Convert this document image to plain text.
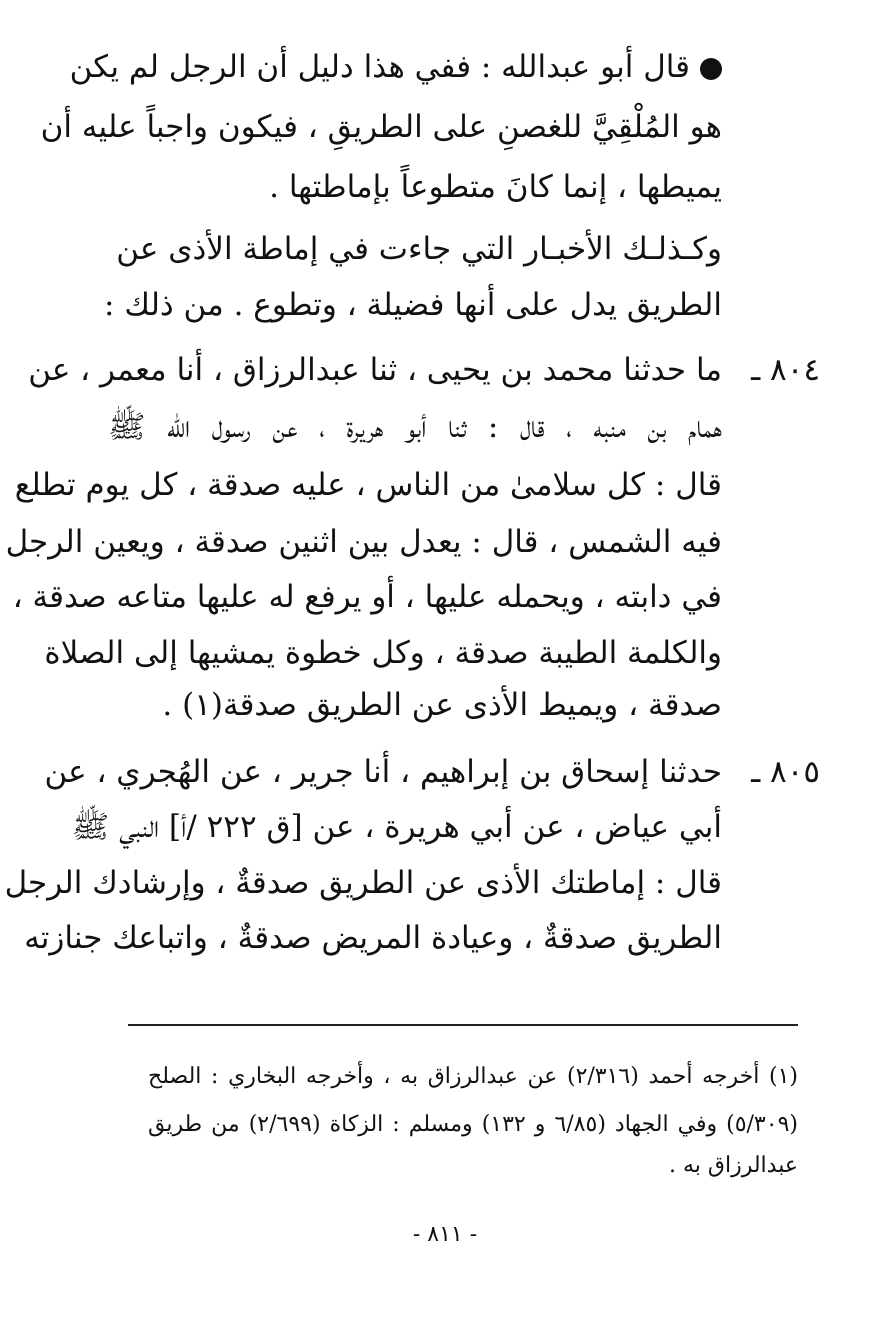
قال أبو عبدالله : ففي هذا دليل أن الرجل لم يكن
هو المُلْقِيَّ للغصنِ على الطريقِ ، فيكون واجباً عليه أن
يميطها ، إنما كانَ متطوعاً بإماطتها .
وكـذلـك الأخبـار التي جاءت في إماطة الأذى عن
الطريق يدل على أنها فضيلة ، وتطوع . من ذلك :
٨٠٤ ـ
ما حدثنا محمد بن يحيى ، ثنا عبدالرزاق ، أنا معمر ، عن
همام بن منبه ، قال : ثنا أبو هريرة ، عن رسول الله ﷺ
قال : كل سلامىٰ من الناس ، عليه صدقة ، كل يوم تطلع
فيه الشمس ، قال : يعدل بين اثنين صدقة ، ويعين الرجل
في دابته ، ويحمله عليها ، أو يرفع له عليها متاعه صدقة ،
والكلمة الطيبة صدقة ، وكل خطوة يمشيها إلى الصلاة
صدقة ، ويميط الأذى عن الطريق صدقة(١) .
٨٠٥ ـ
حدثنا إسحاق بن إبراهيم ، أنا جرير ، عن الهُجري ، عن
أبي عياض ، عن أبي هريرة ، عن [ق ٢٢٢ /أ] النبي ﷺ
قال : إماطتك الأذى عن الطريق صدقةٌ ، وإرشادك الرجل
الطريق صدقةٌ ، وعيادة المريض صدقةٌ ، واتباعك جنازته
(١) أخرجه أحمد (٢/٣١٦) عن عبدالرزاق به ، وأخرجه البخاري : الصلح
(٥/٣٠٩) وفي الجهاد (٦/٨٥ و ١٣٢) ومسلم : الزكاة (٢/٦٩٩) من طريق
عبدالرزاق به .
- ٨١١ -
